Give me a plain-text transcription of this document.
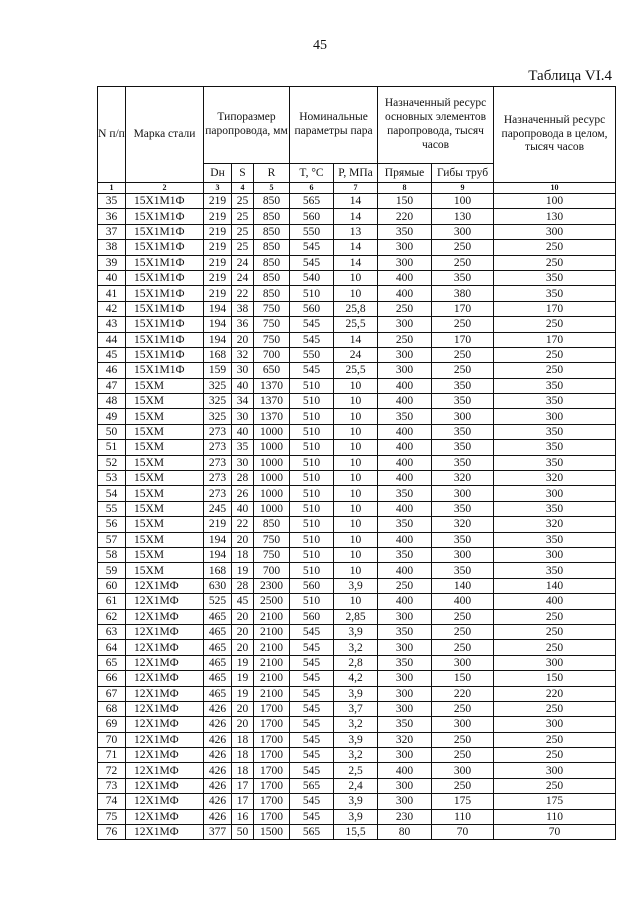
45
Таблица VI.4
N п/п	Марка стали	Типоразмер паропровода, мм			Номинальные параметры пара		Назначенный ресурс основных элементов паропровода, тысяч часов		Назначенный ресурс паропровода в целом, тысяч часов
		Dн	S	R	T, °C	P, МПа	Прямые	Гибы труб	
1	2	3	4	5	6	7	8	9	10
35	15Х1М1Ф	219	25	850	565	14	150	100	100
36	15Х1М1Ф	219	25	850	560	14	220	130	130
37	15Х1М1Ф	219	25	850	550	13	350	300	300
38	15Х1М1Ф	219	25	850	545	14	300	250	250
39	15Х1М1Ф	219	24	850	545	14	300	250	250
40	15Х1М1Ф	219	24	850	540	10	400	350	350
41	15Х1М1Ф	219	22	850	510	10	400	380	350
42	15Х1М1Ф	194	38	750	560	25,8	250	170	170
43	15Х1М1Ф	194	36	750	545	25,5	300	250	250
44	15Х1М1Ф	194	20	750	545	14	250	170	170
45	15Х1М1Ф	168	32	700	550	24	300	250	250
46	15Х1М1Ф	159	30	650	545	25,5	300	250	250
47	15ХМ	325	40	1370	510	10	400	350	350
48	15ХМ	325	34	1370	510	10	400	350	350
49	15ХМ	325	30	1370	510	10	350	300	300
50	15ХМ	273	40	1000	510	10	400	350	350
51	15ХМ	273	35	1000	510	10	400	350	350
52	15ХМ	273	30	1000	510	10	400	350	350
53	15ХМ	273	28	1000	510	10	400	320	320
54	15ХМ	273	26	1000	510	10	350	300	300
55	15ХМ	245	40	1000	510	10	400	350	350
56	15ХМ	219	22	850	510	10	350	320	320
57	15ХМ	194	20	750	510	10	400	350	350
58	15ХМ	194	18	750	510	10	350	300	300
59	15ХМ	168	19	700	510	10	400	350	350
60	12Х1МФ	630	28	2300	560	3,9	250	140	140
61	12Х1МФ	525	45	2500	510	10	400	400	400
62	12Х1МФ	465	20	2100	560	2,85	300	250	250
63	12Х1МФ	465	20	2100	545	3,9	350	250	250
64	12Х1МФ	465	20	2100	545	3,2	300	250	250
65	12Х1МФ	465	19	2100	545	2,8	350	300	300
66	12Х1МФ	465	19	2100	545	4,2	300	150	150
67	12Х1МФ	465	19	2100	545	3,9	300	220	220
68	12Х1МФ	426	20	1700	545	3,7	300	250	250
69	12Х1МФ	426	20	1700	545	3,2	350	300	300
70	12Х1МФ	426	18	1700	545	3,9	320	250	250
71	12Х1МФ	426	18	1700	545	3,2	300	250	250
72	12Х1МФ	426	18	1700	545	2,5	400	300	300
73	12Х1МФ	426	17	1700	565	2,4	300	250	250
74	12Х1МФ	426	17	1700	545	3,9	300	175	175
75	12Х1МФ	426	16	1700	545	3,9	230	110	110
76	12Х1МФ	377	50	1500	565	15,5	80	70	70
